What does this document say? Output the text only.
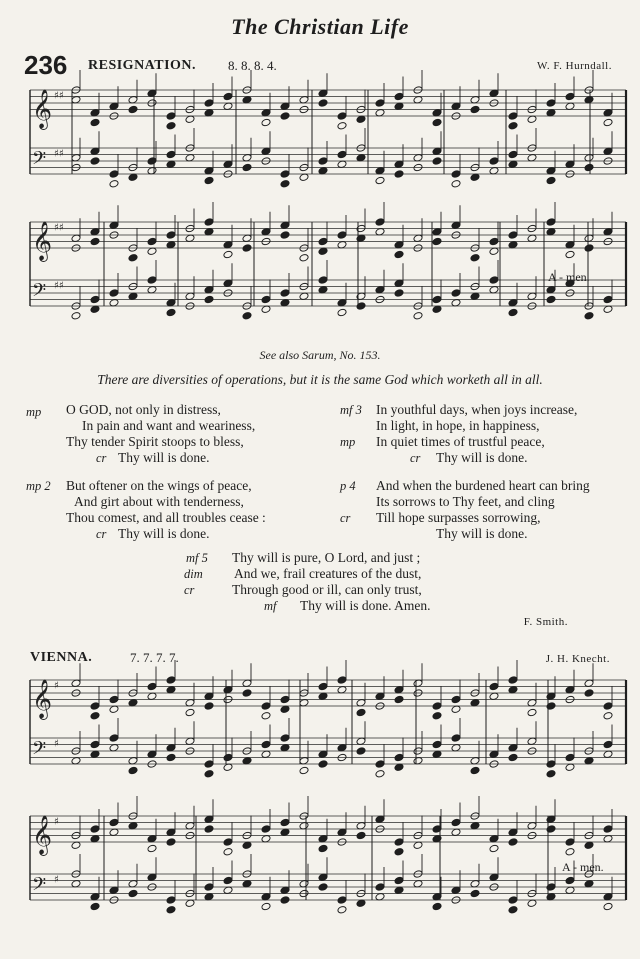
The Christian Life
236 RESIGNATION. 8. 8. 8. 4.	W. F. Hurndall.
𝄞 ♯♯
𝄢 ♯♯
𝄞 ♯♯
𝄢 ♯♯
𝄞 ♯
𝄢 ♯
𝄞 ♯
𝄢 ♯
A - men.
See also Sarum, No. 153.
There are diversities of operations, but it is the same God which worketh all in all.
mp O GOD, not only in distress,
In pain and want and weariness,
Thy tender Spirit stoops to bless,
cr Thy will is done.
mp 2 But oftener on the wings of peace,
And girt about with tenderness,
Thou comest, and all troubles cease :
cr Thy will is done.
mf 3 In youthful days, when joys increase,
In light, in hope, in happiness,
mp In quiet times of trustful peace,
cr Thy will is done.
p 4 And when the burdened heart can bring
Its sorrows to Thy feet, and cling
cr Till hope surpasses sorrowing,
Thy will is done.
mf 5 Thy will is pure, O Lord, and just ;
dim And we, frail creatures of the dust,
cr	Through good or ill, can only trust,
mf Thy will is done. Amen.
F. Smith.
VIENNA.	7. 7. 7. 7.	J. H. Knecht.
A - men.
